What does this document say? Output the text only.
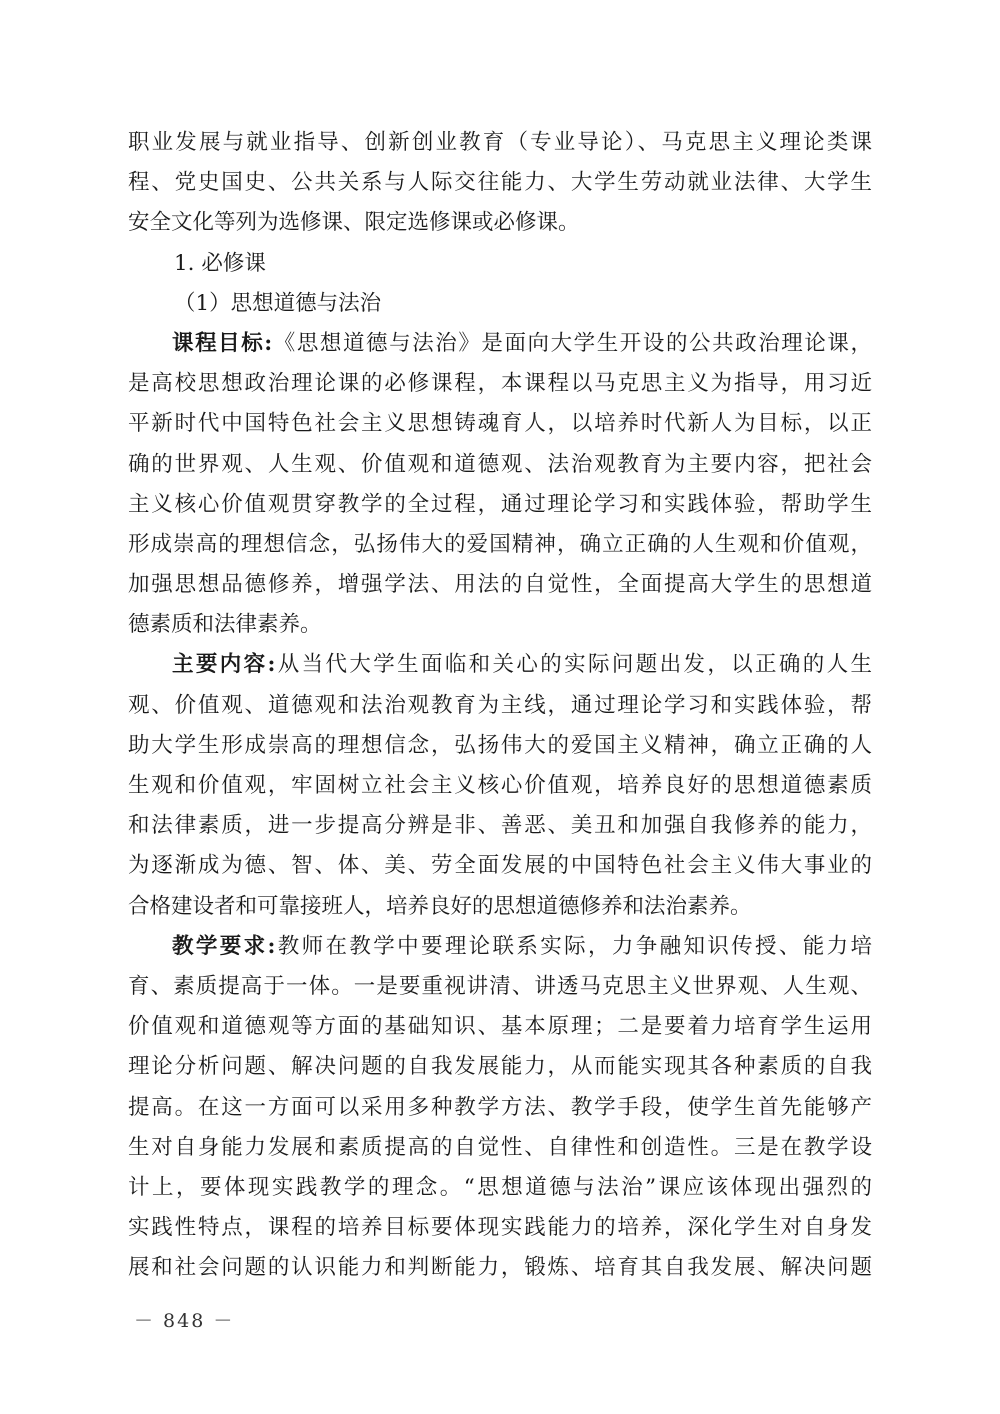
职业发展与就业指导、创新创业教育（专业导论）、马克思主义理论类课
程、党史国史、公共关系与人际交往能力、大学生劳动就业法律、大学生
安全文化等列为选修课、限定选修课或必修课。
1. 必修课
（1）思想道德与法治
课程目标:《思想道德与法治》是面向大学生开设的公共政治理论课，
是高校思想政治理论课的必修课程，本课程以马克思主义为指导，用习近
平新时代中国特色社会主义思想铸魂育人，以培养时代新人为目标，以正
确的世界观、人生观、价值观和道德观、法治观教育为主要内容，把社会
主义核心价值观贯穿教学的全过程，通过理论学习和实践体验，帮助学生
形成崇高的理想信念，弘扬伟大的爱国精神，确立正确的人生观和价值观，
加强思想品德修养，增强学法、用法的自觉性，全面提高大学生的思想道
德素质和法律素养。
主要内容:从当代大学生面临和关心的实际问题出发，以正确的人生
观、价值观、道德观和法治观教育为主线，通过理论学习和实践体验，帮
助大学生形成崇高的理想信念，弘扬伟大的爱国主义精神，确立正确的人
生观和价值观，牢固树立社会主义核心价值观，培养良好的思想道德素质
和法律素质，进一步提高分辨是非、善恶、美丑和加强自我修养的能力，
为逐渐成为德、智、体、美、劳全面发展的中国特色社会主义伟大事业的
合格建设者和可靠接班人，培养良好的思想道德修养和法治素养。
教学要求:教师在教学中要理论联系实际，力争融知识传授、能力培
育、素质提高于一体。一是要重视讲清、讲透马克思主义世界观、人生观、
价值观和道德观等方面的基础知识、基本原理；二是要着力培育学生运用
理论分析问题、解决问题的自我发展能力，从而能实现其各种素质的自我
提高。在这一方面可以采用多种教学方法、教学手段，使学生首先能够产
生对自身能力发展和素质提高的自觉性、自律性和创造性。三是在教学设
计上，要体现实践教学的理念。“思想道德与法治”课应该体现出强烈的
实践性特点，课程的培养目标要体现实践能力的培养，深化学生对自身发
展和社会问题的认识能力和判断能力，锻炼、培育其自我发展、解决问题
－ 848 －
